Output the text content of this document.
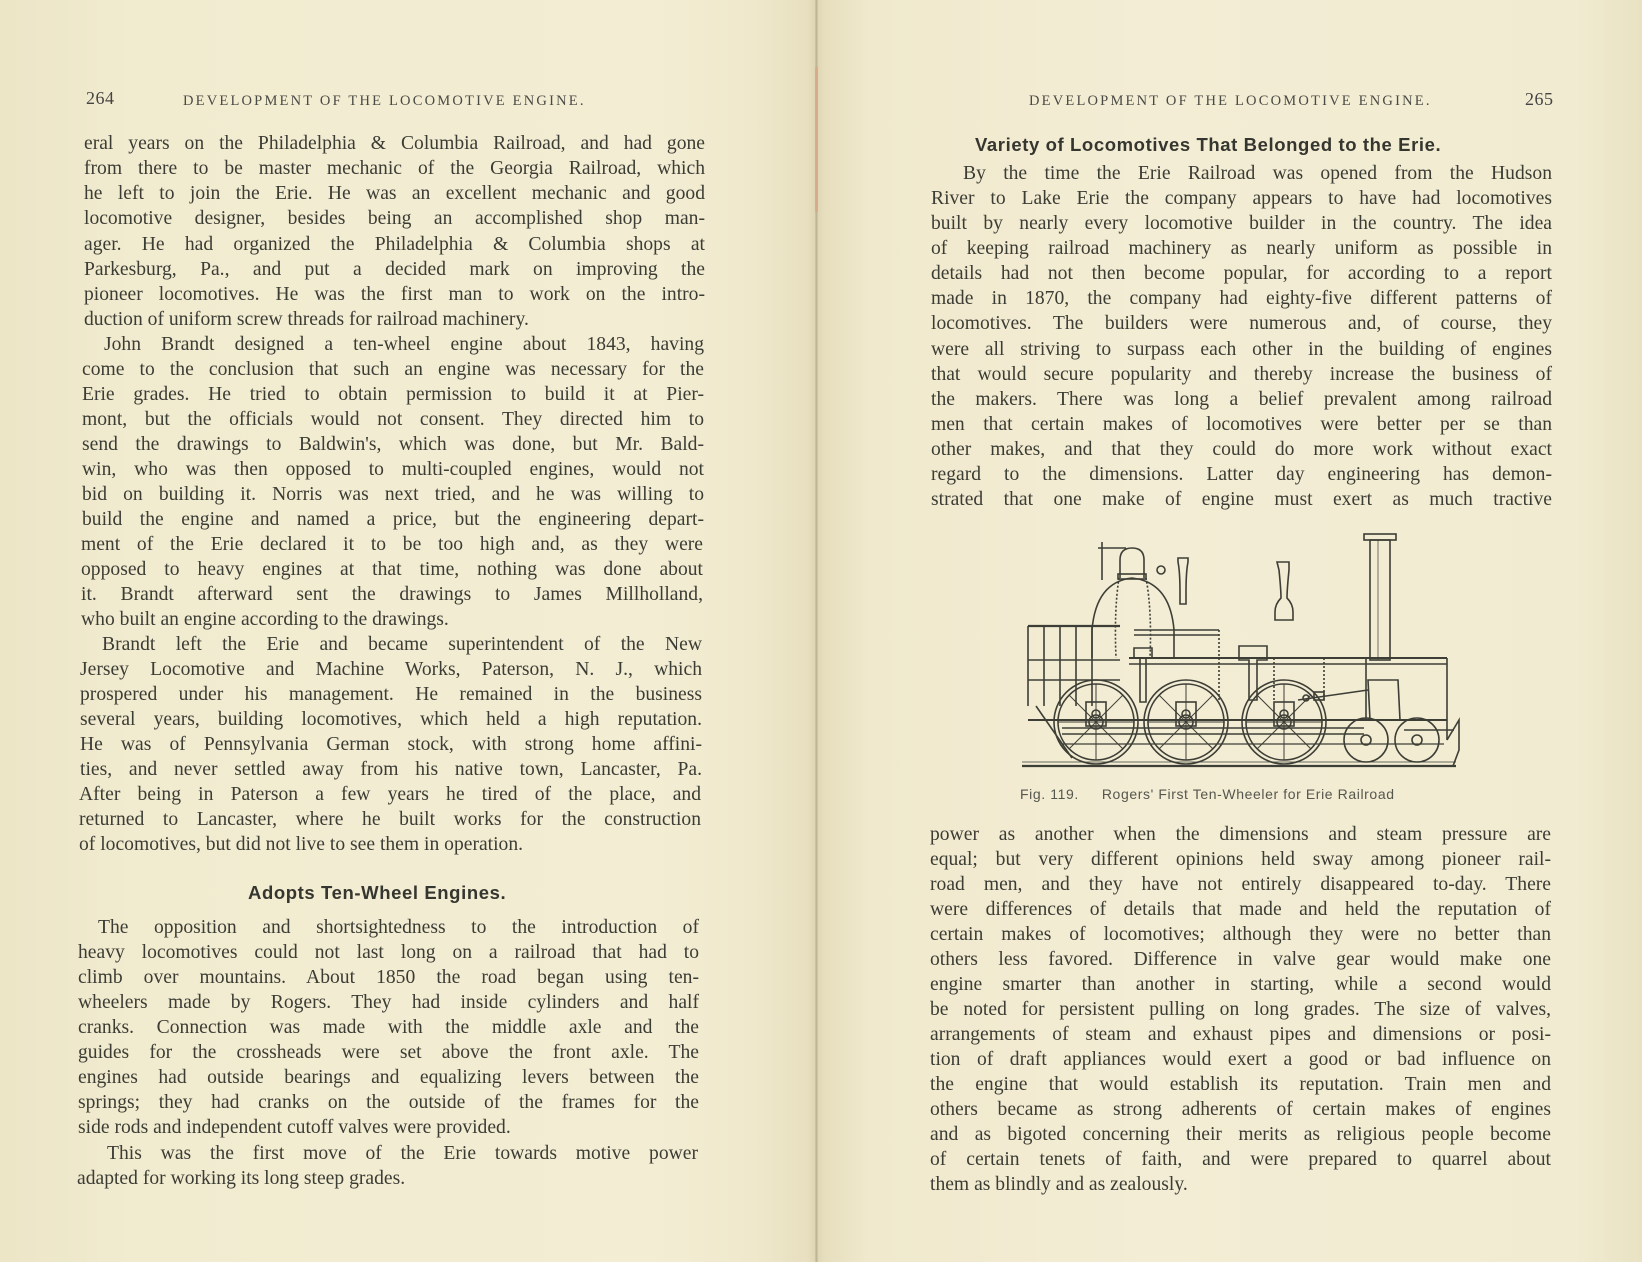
264	DEVELOPMENT OF THE LOCOMOTIVE ENGINE.
eral years on the Philadelphia & Columbia Railroad, and had gone
from there to be master mechanic of the Georgia Railroad, which
he left to join the Erie. He was an excellent mechanic and good
locomotive designer, besides being an accomplished shop man-
ager. He had organized the Philadelphia & Columbia shops at
Parkesburg, Pa., and put a decided mark on improving the
pioneer locomotives. He was the first man to work on the intro-
duction of uniform screw threads for railroad machinery.
John Brandt designed a ten-wheel engine about 1843, having
come to the conclusion that such an engine was necessary for the
Erie grades. He tried to obtain permission to build it at Pier-
mont, but the officials would not consent. They directed him to
send the drawings to Baldwin's, which was done, but Mr. Bald-
win, who was then opposed to multi-coupled engines, would not
bid on building it. Norris was next tried, and he was willing to
build the engine and named a price, but the engineering depart-
ment of the Erie declared it to be too high and, as they were
opposed to heavy engines at that time, nothing was done about
it. Brandt afterward sent the drawings to James Millholland,
who built an engine according to the drawings.
Brandt left the Erie and became superintendent of the New
Jersey Locomotive and Machine Works, Paterson, N. J., which
prospered under his management. He remained in the business
several years, building locomotives, which held a high reputation.
He was of Pennsylvania German stock, with strong home affini-
ties, and never settled away from his native town, Lancaster, Pa.
After being in Paterson a few years he tired of the place, and
returned to Lancaster, where he built works for the construction
of locomotives, but did not live to see them in operation.
Adopts Ten-Wheel Engines.
The opposition and shortsightedness to the introduction of
heavy locomotives could not last long on a railroad that had to
climb over mountains. About 1850 the road began using ten-
wheelers made by Rogers. They had inside cylinders and half
cranks. Connection was made with the middle axle and the
guides for the crossheads were set above the front axle. The
engines had outside bearings and equalizing levers between the
springs; they had cranks on the outside of the frames for the
side rods and independent cutoff valves were provided.
This was the first move of the Erie towards motive power
adapted for working its long steep grades.
DEVELOPMENT OF THE LOCOMOTIVE ENGINE.	265
Variety of Locomotives That Belonged to the Erie.
By the time the Erie Railroad was opened from the Hudson
River to Lake Erie the company appears to have had locomotives
built by nearly every locomotive builder in the country. The idea
of keeping railroad machinery as nearly uniform as possible in
details had not then become popular, for according to a report
made in 1870, the company had eighty-five different patterns of
locomotives. The builders were numerous and, of course, they
were all striving to surpass each other in the building of engines
that would secure popularity and thereby increase the business of
the makers. There was long a belief prevalent among railroad
men that certain makes of locomotives were better per se than
other makes, and that they could do more work without exact
regard to the dimensions. Latter day engineering has demon-
strated that one make of engine must exert as much tractive
Fig. 119. Rogers' First Ten-Wheeler for Erie Railroad
power as another when the dimensions and steam pressure are
equal; but very different opinions held sway among pioneer rail-
road men, and they have not entirely disappeared to-day. There
were differences of details that made and held the reputation of
certain makes of locomotives; although they were no better than
others less favored. Difference in valve gear would make one
engine smarter than another in starting, while a second would
be noted for persistent pulling on long grades. The size of valves,
arrangements of steam and exhaust pipes and dimensions or posi-
tion of draft appliances would exert a good or bad influence on
the engine that would establish its reputation. Train men and
others became as strong adherents of certain makes of engines
and as bigoted concerning their merits as religious people become
of certain tenets of faith, and were prepared to quarrel about
them as blindly and as zealously.
